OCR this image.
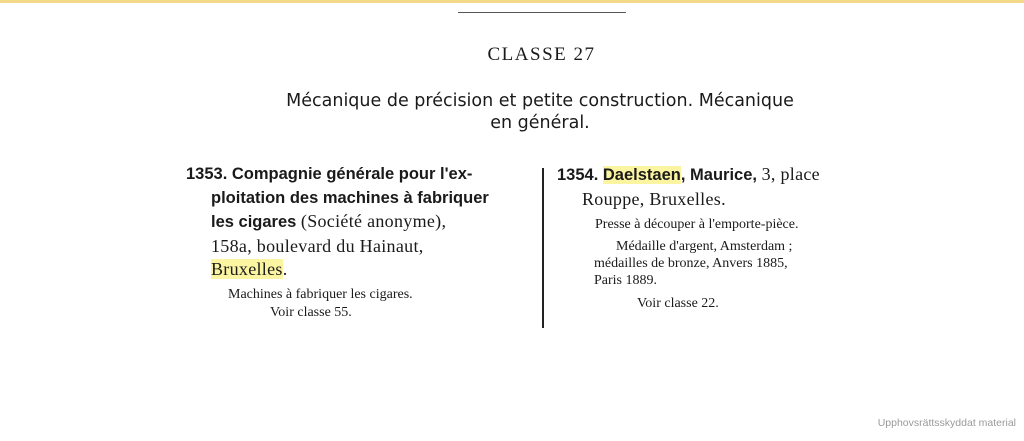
CLASSE 27
Mécanique de précision et petite construction. Mécanique
en général.
1353. Compagnie générale pour l'ex-
ploitation des machines à fabriquer
les cigares (Société anonyme),
158a, boulevard du Hainaut,
Bruxelles.
Machines à fabriquer les cigares.
Voir classe 55.
1354. Daelstaen, Maurice, 3, place
Rouppe, Bruxelles.
Presse à découper à l'emporte-pièce.
Médaille d'argent, Amsterdam ;
médailles de bronze, Anvers 1885,
Paris 1889.
Voir classe 22.
Upphovsrättsskyddat material
